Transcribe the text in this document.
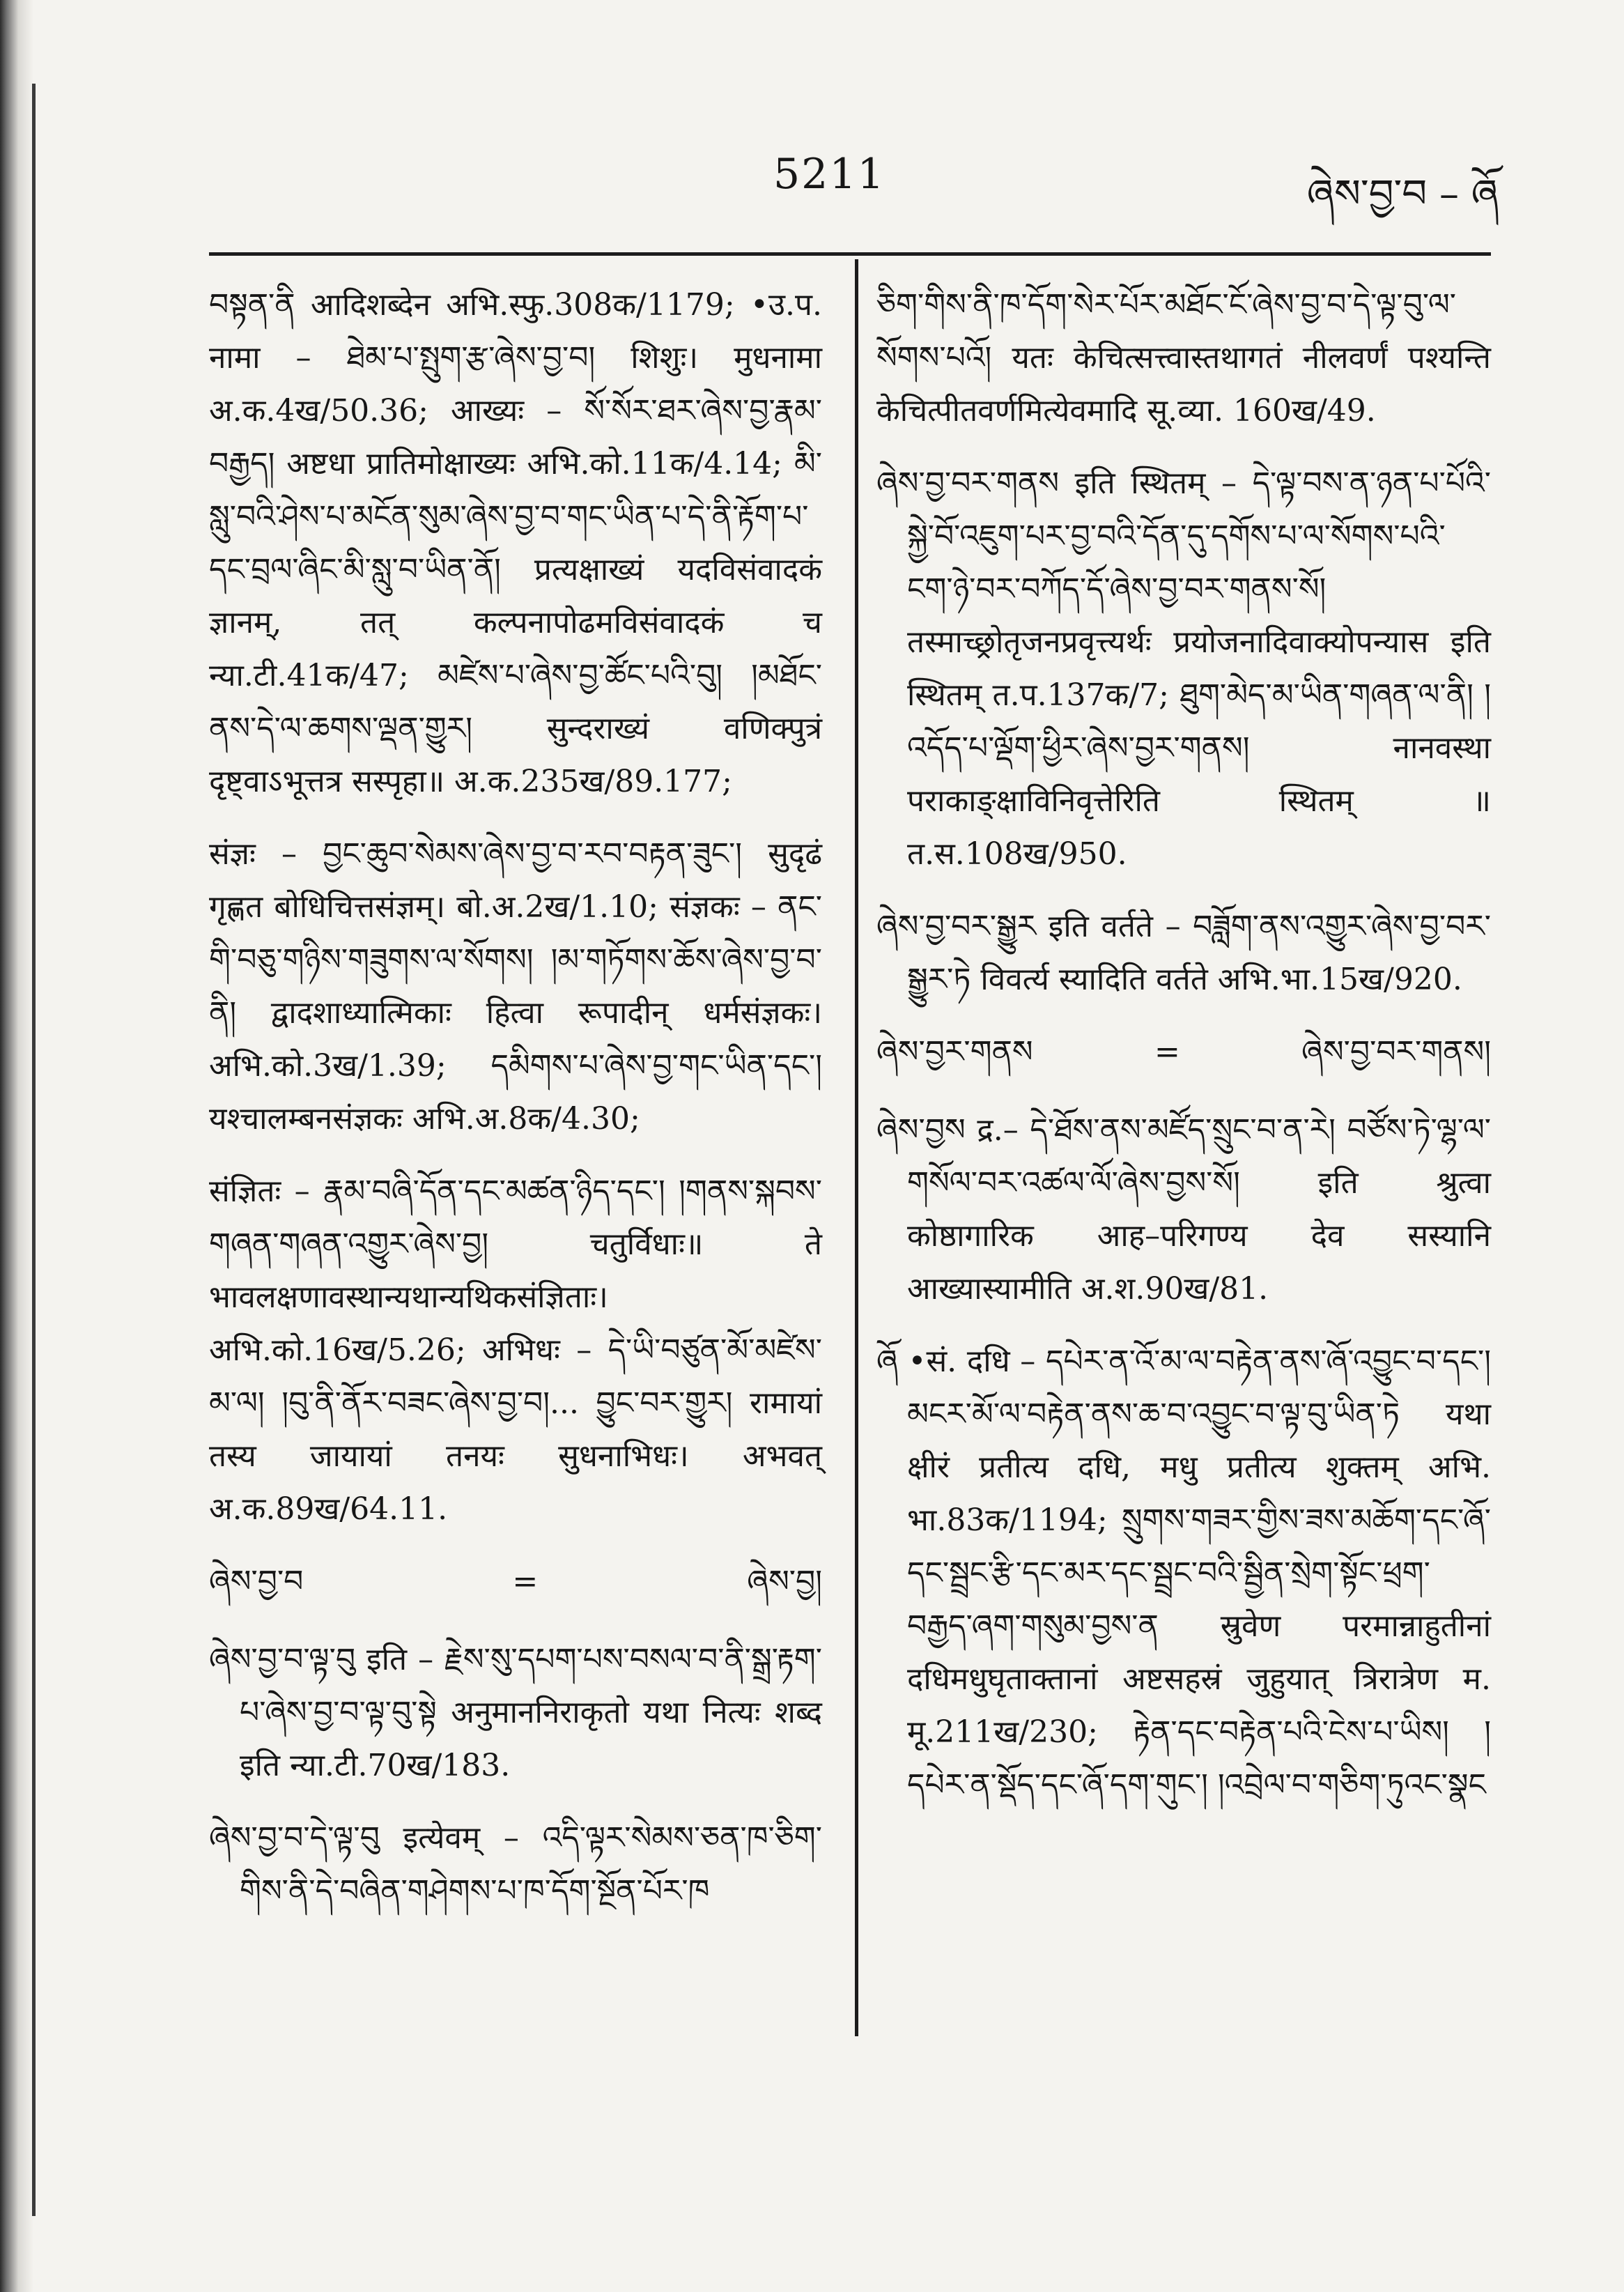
5211	ཞེས་བྱ་བ – ཞོ

བསྟན་ནི आदिशब्देन अभि.स्फु.308क/1179; •उ.प. नामा – ཐེམ་པ་སྤུག་རྩ་ཞེས་བྱ་བ། शिशुः। मुधनामा अ.क.4ख/50.36; आख्यः – སོ་སོར་ཐར་ཞེས་བྱ་རྣམ་བརྒྱད། अष्टधा प्रातिमोक्षाख्यः अभि.को.11क/4.14; མི་སླུ་བའི་ཤེས་པ་མངོན་སུམ་ཞེས་བྱ་བ་གང་ཡིན་པ་དེ་ནི་རྟོག་པ་དང་བྲལ་ཞིང་མི་སླུ་བ་ཡིན་ནོ། प्रत्यक्षाख्यं यदविसंवादकं ज्ञानम्, तत् कल्पनापोढमविसंवादकं च न्या.टी.41क/47; མཛེས་པ་ཞེས་བྱ་ཚོང་པའི་བུ། །མཐོང་ནས་དེ་ལ་ཆགས་ལྡན་གྱུར། सुन्दराख्यं वणिक्पुत्रं दृष्ट्वाऽभूत्तत्र सस्पृहा॥ अ.क.235ख/89.177;

संज्ञः – བྱང་ཆུབ་སེམས་ཞེས་བྱ་བ་རབ་བརྟན་ཟུང་། सुदृढं गृह्णत बोधिचित्तसंज्ञम्। बो.अ.2ख/1.10; संज्ञकः – ནང་གི་བཅུ་གཉིས་གཟུགས་ལ་སོགས། །མ་གཏོགས་ཆོས་ཞེས་བྱ་བ་ནི། द्वादशाध्यात्मिकाः हित्वा रूपादीन् धर्मसंज्ञकः। अभि.को.3ख/1.39; དམིགས་པ་ཞེས་བྱ་གང་ཡིན་དང་། यश्चालम्बनसंज्ञकः अभि.अ.8क/4.30;

संज्ञितः – རྣམ་བཞི་དོན་དང་མཚན་ཉིད་དང་། །གནས་སྐབས་གཞན་གཞན་འགྱུར་ཞེས་བྱ། चतुर्विधाः॥ ते भावलक्षणावस्थान्यथान्यथिकसंज्ञिताः। अभि.को.16ख/5.26; अभिधः – དེ་ཡི་བཙུན་མོ་མཛེས་མ་ལ། །བུ་ནི་ནོར་བཟང་ཞེས་བྱ་བ།... བྱུང་བར་གྱུར། रामायां तस्य जायायां तनयः सुधनाभिधः। अभवत् अ.क.89ख/64.11.

ཞེས་བྱ་བ	=	ཞེས་བྱ།

ཞེས་བྱ་བ་ལྟ་བུ इति – རྗེས་སུ་དཔག་པས་བསལ་བ་ནི་སྒྲ་རྟག་པ་ཞེས་བྱ་བ་ལྟ་བུ་སྟེ अनुमाननिराकृतो यथा नित्यः शब्द इति न्या.टी.70ख/183.

ཞེས་བྱ་བ་དེ་ལྟ་བུ इत्येवम् – འདི་ལྟར་སེམས་ཅན་ཁ་ཅིག་གིས་ནི་དེ་བཞིན་གཤེགས་པ་ཁ་དོག་སྔོན་པོར་ཁ

ཅིག་གིས་ནི་ཁ་དོག་སེར་པོར་མཐོང་ངོ་ཞེས་བྱ་བ་དེ་ལྟ་བུ་ལ་སོགས་པའོ། यतः केचित्सत्त्वास्तथागतं नीलवर्णं पश्यन्ति केचित्पीतवर्णमित्येवमादि सू.व्या. 160ख/49.

ཞེས་བྱ་བར་གནས इति स्थितम् – དེ་ལྟ་བས་ན་ཉན་པ་པོའི་སྐྱེ་བོ་འཇུག་པར་བྱ་བའི་དོན་དུ་དགོས་པ་ལ་སོགས་པའི་ངག་ཉེ་བར་བཀོད་དོ་ཞེས་བྱ་བར་གནས་སོ། तस्माच्छ्रोतृजनप्रवृत्त्यर्थः प्रयोजनादिवाक्योपन्यास इति स्थितम् त.प.137क/7; ཐུག་མེད་མ་ཡིན་གཞན་ལ་ནི། །འདོད་པ་ལྡོག་ཕྱིར་ཞེས་བྱར་གནས། नानवस्था पराकाङ्क्षाविनिवृत्तेरिति स्थितम् ॥ त.स.108ख/950.

ཞེས་བྱ་བར་སྒྱུར इति वर्तते – བཟློག་ནས་འགྱུར་ཞེས་བྱ་བར་སྒྱུར་ཏེ विवर्त्य स्यादिति वर्तते अभि.भा.15ख/920.

ཞེས་བྱར་གནས	=	ཞེས་བྱ་བར་གནས།

ཞེས་བྱས द्र.– དེ་ཐོས་ནས་མཛོད་སྲུང་བ་ན་རེ། བཙོས་ཏེ་ལྷ་ལ་གསོལ་བར་འཚལ་ལོ་ཞེས་བྱས་སོ། इति श्रुत्वा कोष्ठागारिक आह–परिगण्य देव सस्यानि आख्यास्यामीति अ.श.90ख/81.

ཞོ •सं. दधि – དཔེར་ན་འོ་མ་ལ་བརྟེན་ནས་ཞོ་འབྱུང་བ་དང་། མངར་མོ་ལ་བརྟེན་ནས་ཆ་བ་འབྱུང་བ་ལྟ་བུ་ཡིན་ཏེ यथा क्षीरं प्रतीत्य दधि, मधु प्रतीत्य शुक्तम् अभि. भा.83क/1194; སྲུགས་གཟར་གྱིས་ཟས་མཆོག་དང་ཞོ་དང་སྦྲང་རྩི་དང་མར་དང་སྦྲང་བའི་སྦྱིན་སྲེག་སྟོང་ཕྲག་བརྒྱད་ཞག་གསུམ་བྱས་ན स्रुवेण परमान्नाहुतीनां दधिमधुघृताक्तानां अष्टसहस्रं जुहुयात् त्रिरात्रेण म. मू.211ख/230; རྟེན་དང་བརྟེན་པའི་ངེས་པ་ཡིས། །དཔེར་ན་སྡོད་དང་ཞོ་དག་གུང་། །འབྲེལ་བ་གཅིག་ཏུའང་སྣང
